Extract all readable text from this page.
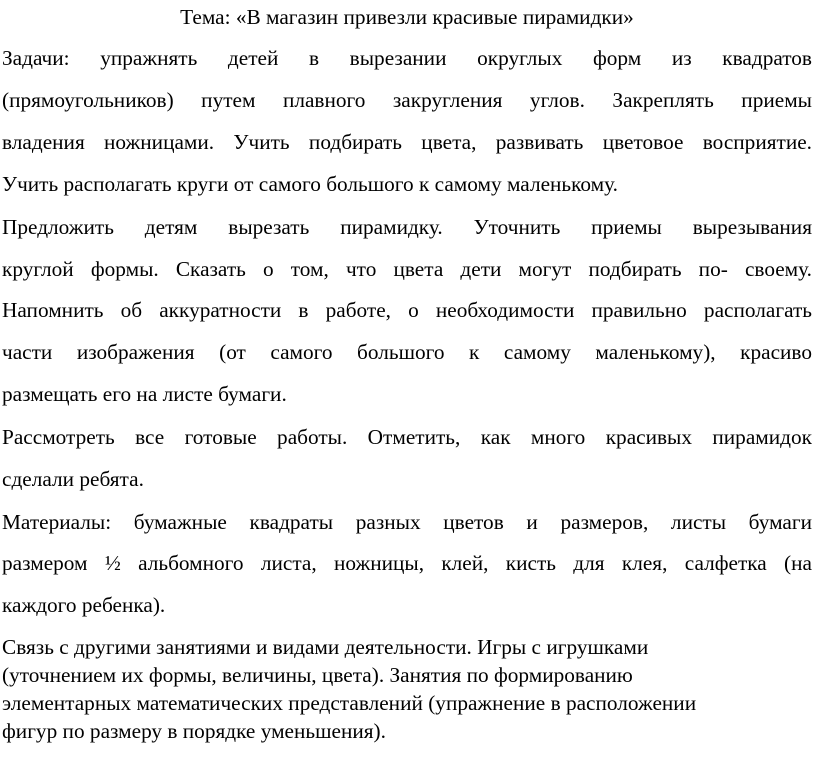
Тема: «В магазин привезли красивые пирамидки»
Задачи: упражнять детей в вырезании округлых форм из квадратов
(прямоугольников) путем плавного закругления углов. Закреплять приемы
владения ножницами. Учить подбирать цвета, развивать цветовое восприятие.
Учить располагать круги от самого большого к самому маленькому.
Предложить детям вырезать пирамидку. Уточнить приемы вырезывания
круглой формы. Сказать о том, что цвета дети могут подбирать по- своему.
Напомнить об аккуратности в работе, о необходимости правильно располагать
части изображения (от самого большого к самому маленькому), красиво
размещать его на листе бумаги.
Рассмотреть все готовые работы. Отметить, как много красивых пирамидок
сделали ребята.
Материалы: бумажные квадраты разных цветов и размеров, листы бумаги
размером ½ альбомного листа, ножницы, клей, кисть для клея, салфетка (на
каждого ребенка).
Связь с другими занятиями и видами деятельности. Игры с игрушками
(уточнением их формы, величины, цвета). Занятия по формированию
элементарных математических представлений (упражнение в расположении
фигур по размеру в порядке уменьшения).
